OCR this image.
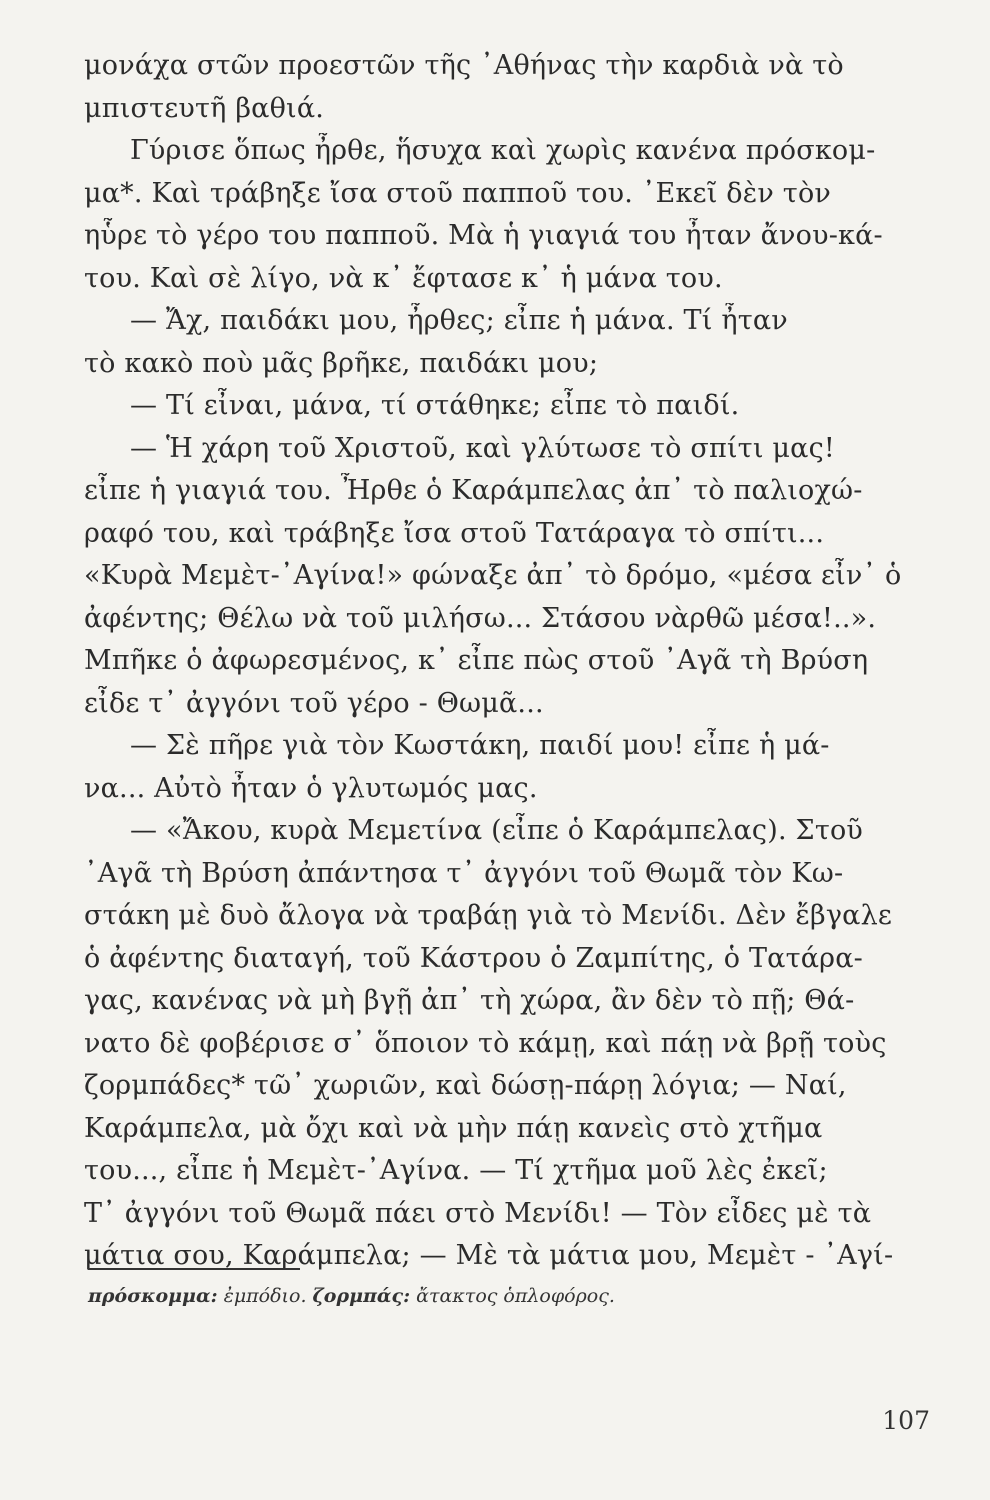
μονάχα στῶν προεστῶν τῆς ᾿Αθήνας τὴν καρδιὰ νὰ τὸ
μπιστευτῆ βαθιά.
Γύρισε ὅπως ἦρθε, ἥσυχα καὶ χωρὶς κανένα πρόσκομ-
μα*. Καὶ τράβηξε ἴσα στοῦ παπποῦ του. ᾿Εκεῖ δὲν τὸν
ηὗρε τὸ γέρο του παπποῦ. Μὰ ἡ γιαγιά του ἦταν ἄνου-κά-
του. Καὶ σὲ λίγο, νὰ κ᾿ ἔφτασε κ᾿ ἡ μάνα του.
— Ἄχ, παιδάκι μου, ἦρθες; εἶπε ἡ μάνα. Τί ἦταν
τὸ κακὸ ποὺ μᾶς βρῆκε, παιδάκι μου;
— Τί εἶναι, μάνα, τί στάθηκε; εἶπε τὸ παιδί.
— Ἡ χάρη τοῦ Χριστοῦ, καὶ γλύτωσε τὸ σπίτι μας!
εἶπε ἡ γιαγιά του. Ἦρθε ὁ Καράμπελας ἀπ᾿ τὸ παλιοχώ-
ραφό του, καὶ τράβηξε ἴσα στοῦ Τατάραγα τὸ σπίτι...
«Κυρὰ Μεμὲτ-᾿Αγίνα!» φώναξε ἀπ᾿ τὸ δρόμο, «μέσα εἶν᾿ ὁ
ἀφέντης; Θέλω νὰ τοῦ μιλήσω... Στάσου νὰρθῶ μέσα!..».
Μπῆκε ὁ ἀφωρεσμένος, κ᾿ εἶπε πὼς στοῦ ᾿Αγᾶ τὴ Βρύση
εἶδε τ᾿ ἀγγόνι τοῦ γέρο - Θωμᾶ...
— Σὲ πῆρε γιὰ τὸν Κωστάκη, παιδί μου! εἶπε ἡ μά-
να... Αὐτὸ ἦταν ὁ γλυτωμός μας.
— «Ἄκου, κυρὰ Μεμετίνα (εἶπε ὁ Καράμπελας). Στοῦ
᾿Αγᾶ τὴ Βρύση ἀπάντησα τ᾿ ἀγγόνι τοῦ Θωμᾶ τὸν Κω-
στάκη μὲ δυὸ ἄλογα νὰ τραβάῃ γιὰ τὸ Μενίδι. Δὲν ἔβγαλε
ὁ ἀφέντης διαταγή, τοῦ Κάστρου ὁ Ζαμπίτης, ὁ Τατάρα-
γας, κανένας νὰ μὴ βγῇ ἀπ᾿ τὴ χώρα, ἂν δὲν τὸ πῇ; Θά-
νατο δὲ φοβέρισε σ᾿ ὅποιον τὸ κάμῃ, καὶ πάῃ νὰ βρῇ τοὺς
ζορμπάδες* τῶ᾿ χωριῶν, καὶ δώσῃ-πάρῃ λόγια; — Ναί,
Καράμπελα, μὰ ὄχι καὶ νὰ μὴν πάῃ κανεὶς στὸ χτῆμα
του..., εἶπε ἡ Μεμὲτ-᾿Αγίνα. — Τί χτῆμα μοῦ λὲς ἐκεῖ;
Τ᾿ ἀγγόνι τοῦ Θωμᾶ πάει στὸ Μενίδι! — Τὸν εἶδες μὲ τὰ
μάτια σου, Καράμπελα; — Μὲ τὰ μάτια μου, Μεμὲτ - ᾿Αγί-
πρόσκομμα: ἐμπόδιο. ζορμπάς: ἄτακτος ὁπλοφόρος.
107
